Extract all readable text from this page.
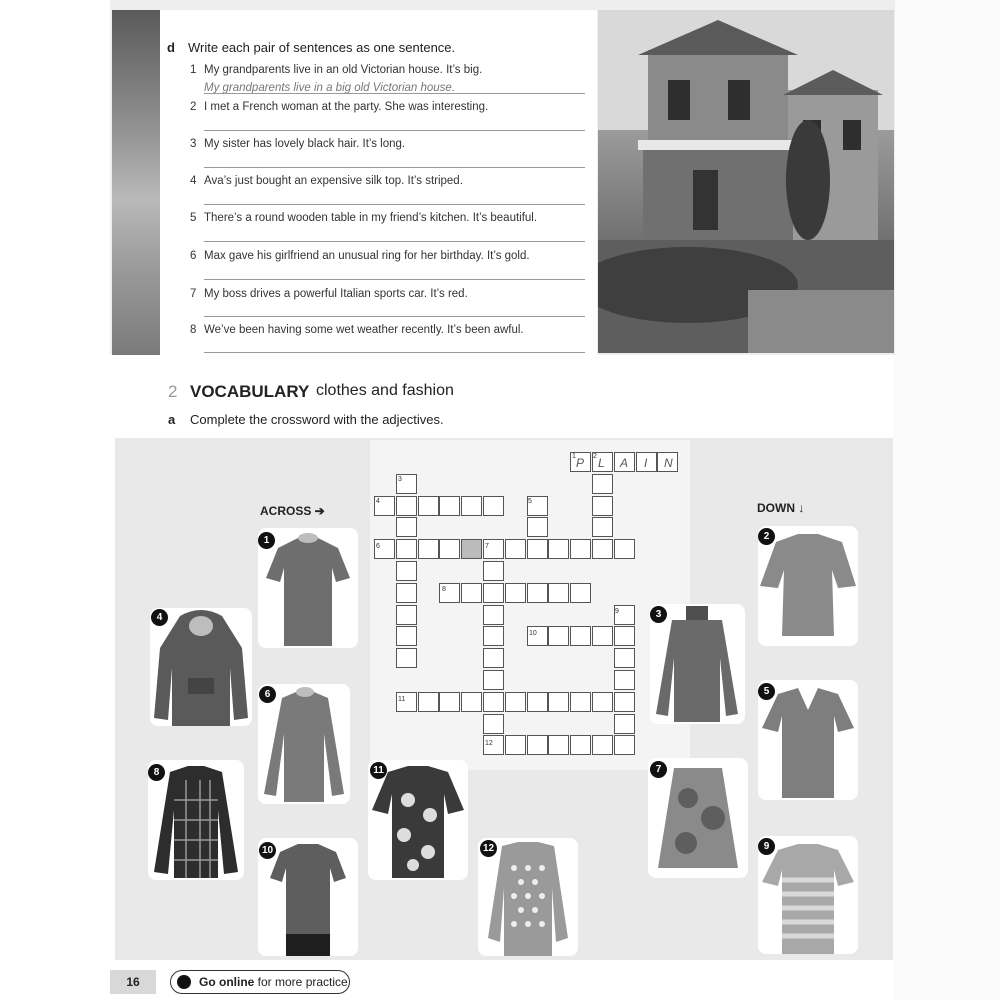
d Write each pair of sentences as one sentence.
1 My grandparents live in an old Victorian house. It’s big.
My grandparents live in a big old Victorian house.
2 I met a French woman at the party. She was interesting.
3 My sister has lovely black hair. It’s long.
4 Ava’s just bought an expensive silk top. It’s striped.
5 There’s a round wooden table in my friend’s kitchen. It’s beautiful.
6 Max gave his girlfriend an unusual ring for her birthday. It’s gold.
7 My boss drives a powerful Italian sports car. It’s red.
8 We’ve been having some wet weather recently. It’s been awful.
2 VOCABULARY clothes and fashion
a Complete the crossword with the adjectives.
ACROSS ➔	DOWN ↓
1 2
3
4	5
6	7
8
9
10
11
12
P L A I N
1
4
6
8
10
11
12
2
3
5
7
9
16	Go online for more practice
